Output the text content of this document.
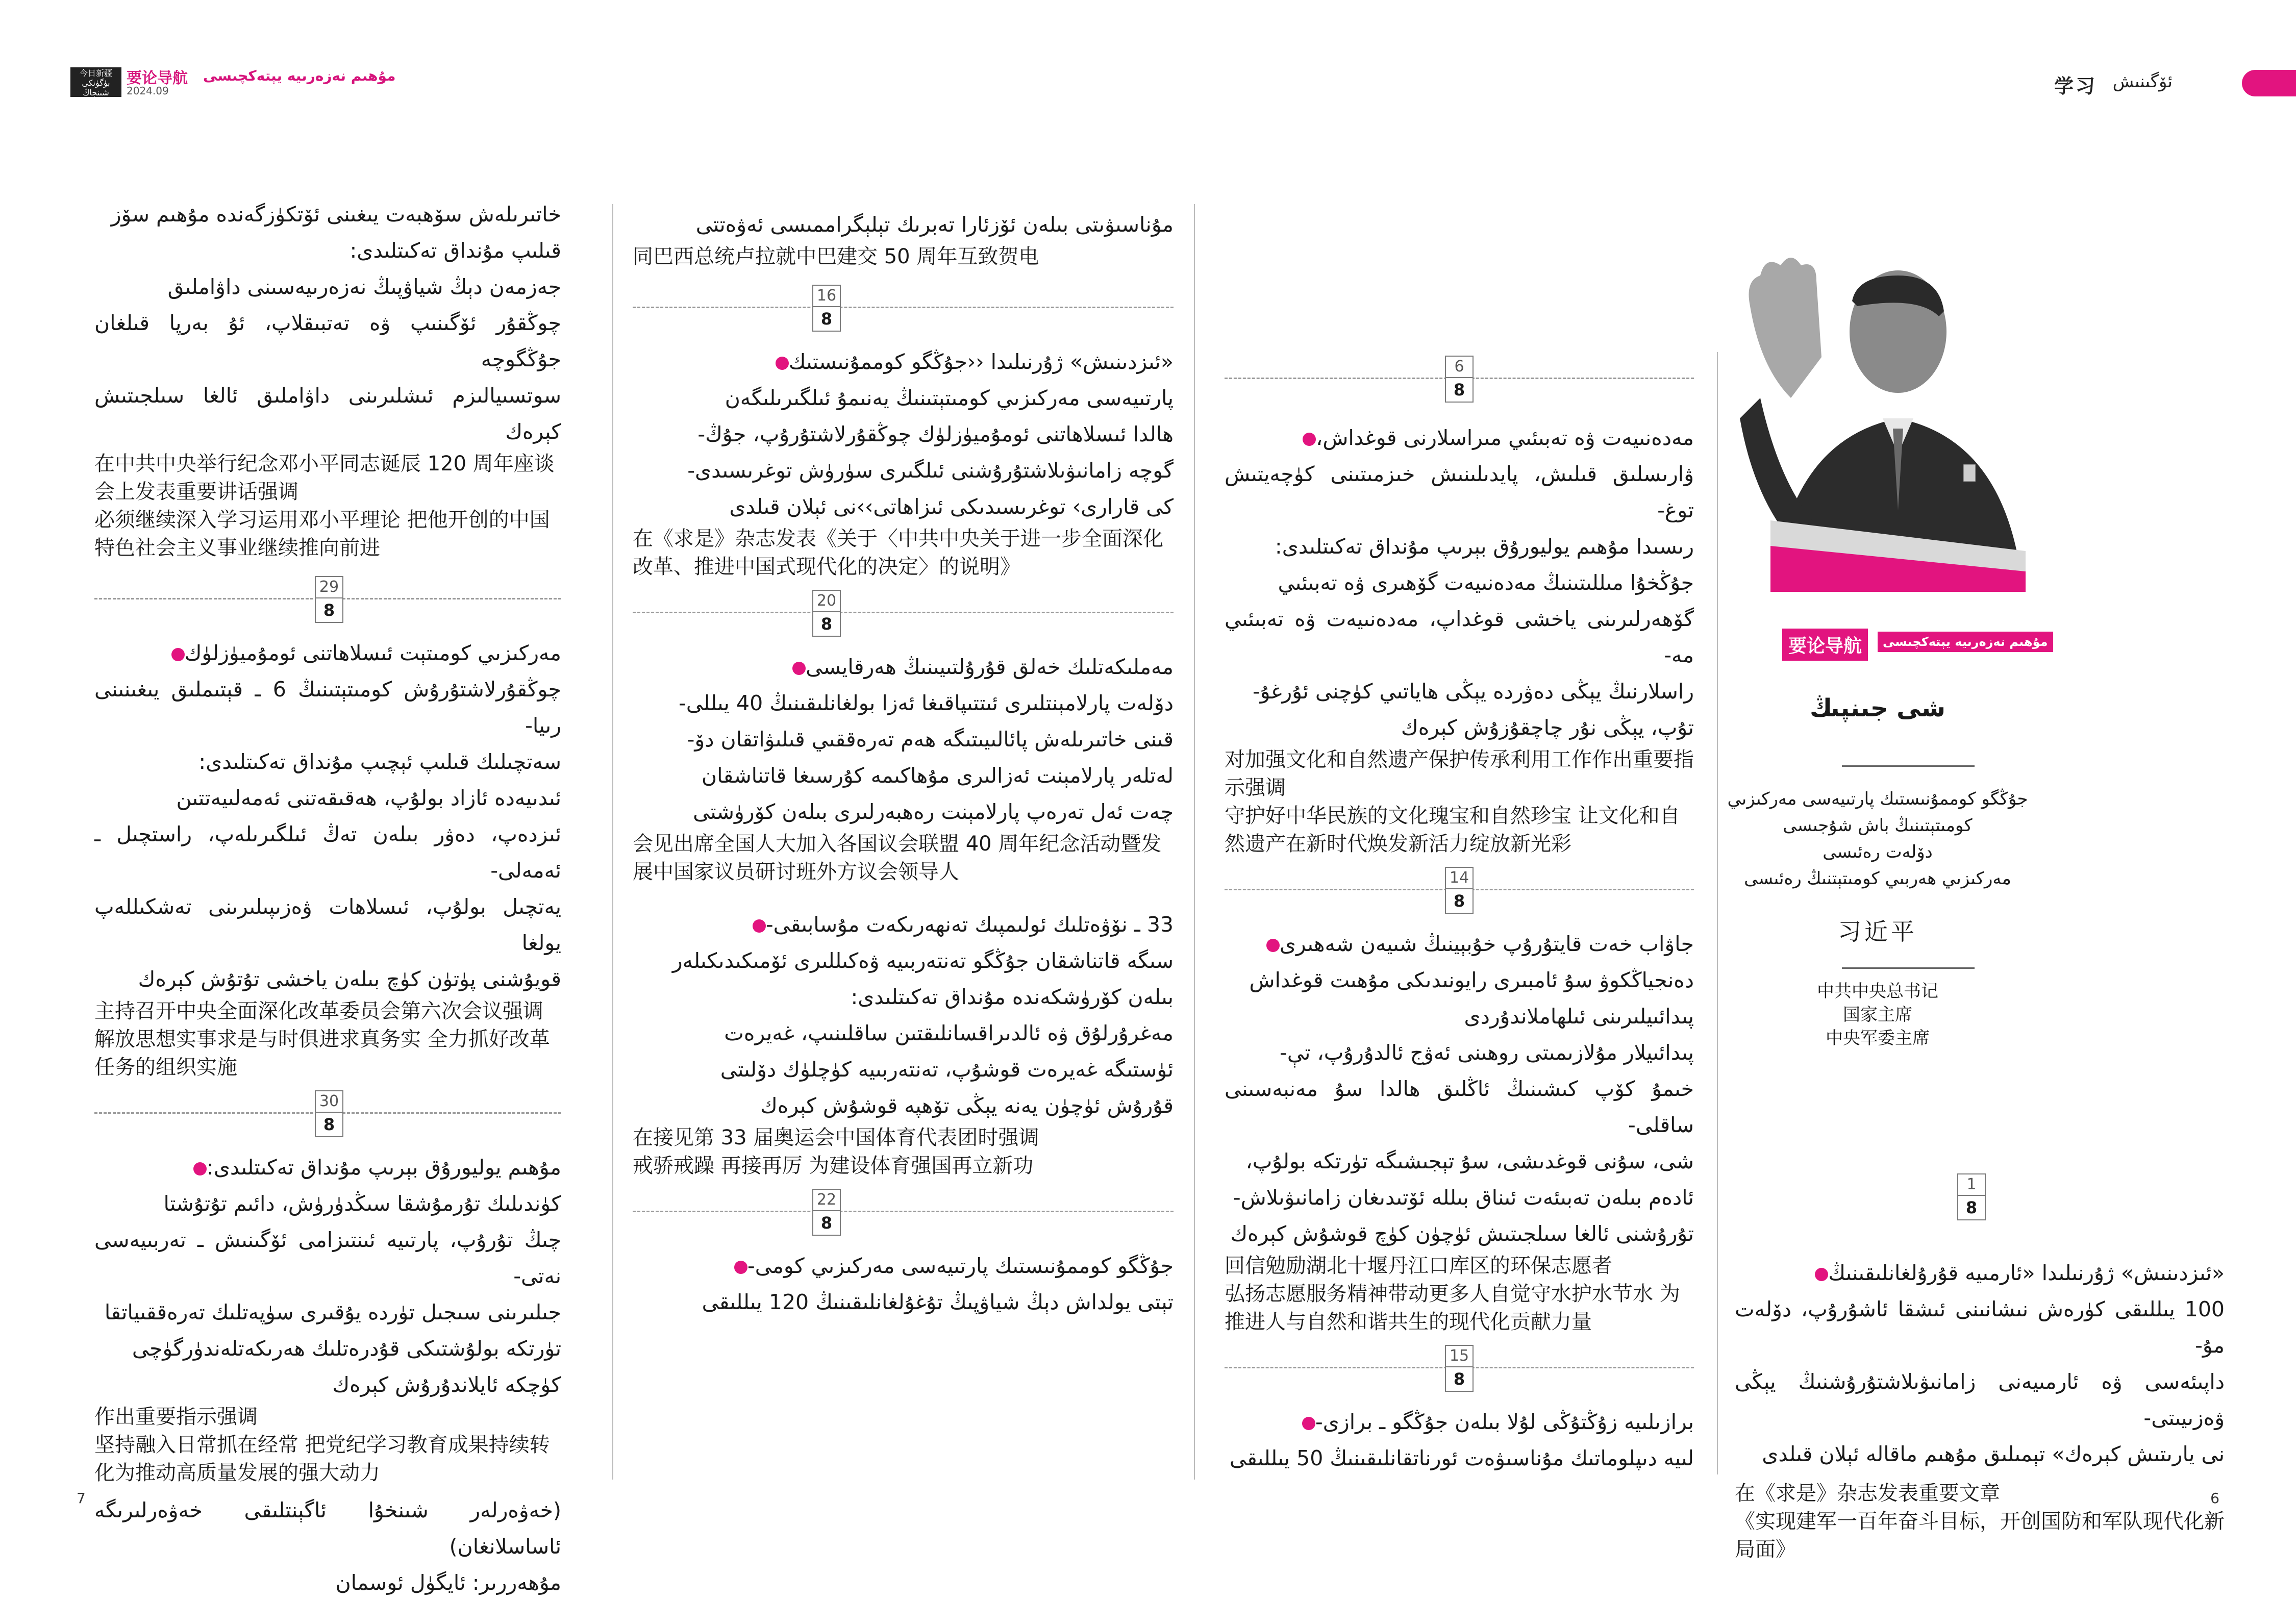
今日新疆 بۈگۈنكى شىنجاڭ
要论导航 مۇھىم نەزەرىيە يېتەكچىسى
2024.09	ئۆگىنىش
学习
要论导航	مۇھىم نەزەرىيە يېتەكچىسى
شى جىنپىڭ
جۇڭگو كوممۇنىستىك پارتىيەسى مەركىزىي كومىتېتىنىڭ باش شۇجىسى
دۆلەت رەئىسى
مەركىزىي ھەربىي كومىتېتنىڭ رەئىسى
习近平
中共中央总书记
国家主席
中央军委主席
1
8
«ئىزدىنىش» ژۇرنىلىدا «ئارمىيە قۇرۇلغانلىقىنىڭ
100 يىللىقى كۈرەش نىشانىنى ئىشقا ئاشۇرۇپ، دۆلەت مۇ-
داپىئەسى ۋە ئارمىيەنى زامانىۋىلاشتۇرۇشنىڭ يېڭى ۋەزىيىتى-
نى يارىتىش كېرەك» تېمىلىق مۇھىم ماقالە ئېلان قىلدى
在《求是》杂志发表重要文章
《实现建军一百年奋斗目标，开创国防和军队现代化新局面》
6
8
مەدەنىيەت ۋە تەبىئىي مىراسلارنى قوغداش،
ۋارىسلىق قىلىش، پايدىلىنىش خىزمىتىنى كۈچەيتىش توغ-
رىسىدا مۇھىم يوليورۇق بېرىپ مۇنداق تەكىتلىدى:
جۇڭخۇا مىللىتىنىڭ مەدەنىيەت گۆھىرى ۋە تەبىئىي
گۆھەرلىرىنى ياخشى قوغداپ، مەدەنىيەت ۋە تەبىئىي مە-
راسلارنىڭ يېڭى دەۋردە يېڭى ھاياتىي كۈچنى ئۇرغۇ-
تۇپ، يېڭى نۇر چاچقۇزۇش كېرەك
对加强文化和自然遗产保护传承利用工作作出重要指示强调
守护好中华民族的文化瑰宝和自然珍宝 让文化和自然遗产在新时代焕发新活力绽放新光彩
14
8
جاۋاب خەت قايتۇرۇپ خۇبېينىڭ شىيەن شەھىرى
دەنجياڭكوۋ سۇ ئامبىرى رايونىدىكى مۇھىت قوغداش
پىدائىيلىرىنى ئىلھاملاندۇردى
پىدائىيلار مۇلازىمىتى روھىنى ئەۋج ئالدۇرۇپ، تې-
خىمۇ كۆپ كىشىنىڭ ئاڭلىق ھالدا سۇ مەنبەسىنى ساقلى-
شى، سۇنى قوغدىشى، سۇ تېجىشىگە تۈرتكە بولۇپ،
ئادەم بىلەن تەبىئەت ئىناق بىللە ئۆتىدىغان زامانىۋىلاش-
تۇرۇشنى ئالغا سىلجىتىش ئۈچۈن كۈچ قوشۇش كېرەك
回信勉励湖北十堰丹江口库区的环保志愿者
弘扬志愿服务精神带动更多人自觉守水护水节水 为推进人与自然和谐共生的现代化贡献力量
15
8
برازىلىيە زۇڭتۇڭى لۇلا بىلەن جۇڭگو ـ برازى-
لىيە دىپلوماتىك مۇناسىۋەت ئورناتقانلىقىنىڭ 50 يىللىقى
مۇناسىۋىتى بىلەن ئۆزئارا تەبرىك تېلېگراممىسى ئەۋەتتى
同巴西总统卢拉就中巴建交 50 周年互致贺电
16
8
«ئىزدىنىش» ژۇرنىلىدا ‹‹جۇڭگو كوممۇنىستىك
پارتىيەسى مەركىزىي كومىتېتىنىڭ يەنىمۇ ئىلگىرىلىگەن
ھالدا ئىسلاھاتنى ئومۇميۈزلۈك چوڭقۇرلاشتۇرۇپ، جۇڭ-
گوچە زامانىۋىلاشتۇرۇشنى ئىلگىرى سۈرۈش توغرىسىدى-
كى قارارى› توغرىسىدىكى ئىزاھاتى››نى ئېلان قىلدى
在《求是》杂志发表《关于〈中共中央关于进一步全面深化改革、推进中国式现代化的决定〉的说明》
20
8
مەملىكەتلىك خەلق قۇرۇلتىيىنىڭ ھەرقايسى
دۆلەت پارلامېنتلىرى ئىتتىپاقىغا ئەزا بولغانلىقىنىڭ 40 يىللى-
قىنى خاتىرىلەش پائالىيىتىگە ھەم تەرەققىي قىلىۋاتقان دۆ-
لەتلەر پارلامېنت ئەزالىرى مۇھاكىمە كۇرسىغا قاتناشقان
چەت ئەل تەرەپ پارلامېنت رەھبەرلىرى بىلەن كۆرۈشتى
会见出席全国人大加入各国议会联盟 40 周年纪念活动暨发展中国家议员研讨班外方议会领导人
33 ـ نۆۋەتلىك ئولىمپىك تەنھەرىكەت مۇسابىقى-
سىگە قاتناشقان جۇڭگو تەنتەربىيە ۋەكىللىرى ئۆمىكىدىكىلەر
بىلەن كۆرۈشكەندە مۇنداق تەكىتلىدى:
مەغرۇرلۇق ۋە ئالدىراقسانلىقتىن ساقلىنىپ، غەيرەت
ئۈستىگە غەيرەت قوشۇپ، تەنتەربىيە كۈچلۈك دۆلىتى
قۇرۇش ئۈچۈن يەنە يېڭى تۆھپە قوشۇش كېرەك
在接见第 33 届奥运会中国体育代表团时强调
戒骄戒躁 再接再厉 为建设体育强国再立新功
22
8
جۇڭگو كوممۇنىستىك پارتىيەسى مەركىزىي كومى-
تېتى يولداش دېڭ شياۋپىڭ تۇغۇلغانلىقىنىڭ 120 يىللىقى
خاتىرىلەش سۆھبەت يىغىنى ئۆتكۈزگەندە مۇھىم سۆز
قىلىپ مۇنداق تەكىتلىدى:
جەزمەن دېڭ شياۋپىڭ نەزەرىيەسىنى داۋاملىق
چوڭقۇر ئۆگىنىپ ۋە تەتبىقلاپ، ئۇ بەرپا قىلغان جۇڭگوچە
سوتسىيالىزم ئىشلىرىنى داۋاملىق ئالغا سىلجىتىش كېرەك
在中共中央举行纪念邓小平同志诞辰 120 周年座谈会上发表重要讲话强调
必须继续深入学习运用邓小平理论 把他开创的中国特色社会主义事业继续推向前进
29
8
مەركىزىي كومىتېت ئىسلاھاتنى ئومۇميۈزلۈك
چوڭقۇرلاشتۇرۇش كومىتېتىنىڭ 6 ـ قېتىملىق يىغىنىنى رىيا-
سەتچىلىك قىلىپ ئېچىپ مۇنداق تەكىتلىدى:
ئىدىيەدە ئازاد بولۇپ، ھەقىقەتنى ئەمەلىيەتتىن
ئىزدەپ، دەۋر بىلەن تەڭ ئىلگىرىلەپ، راستچىل ـ ئەمەلى-
يەتچىل بولۇپ، ئىسلاھات ۋەزىپىلىرىنى تەشكىللەپ يولغا
قويۇشنى پۈتۈن كۈچ بىلەن ياخشى تۇتۇش كېرەك
主持召开中央全面深化改革委员会第六次会议强调
解放思想实事求是与时俱进求真务实 全力抓好改革任务的组织实施
30
8
مۇھىم يوليورۇق بېرىپ مۇنداق تەكىتلىدى:
كۈندىلىك تۇرمۇشقا سىڭدۈرۈش، دائىم تۇتۇشتا
چىڭ تۇرۇپ، پارتىيە ئىنتىزامى ئۆگىنىش ـ تەربىيەسى نەتى-
جىلىرىنى سىجىل تۈردە يۇقىرى سۈپەتلىك تەرەققىياتقا
تۈرتكە بولۇشتىكى قۇدرەتلىك ھەرىكەتلەندۈرگۈچى
كۈچكە ئايلاندۇرۇش كېرەك
作出重要指示强调
坚持融入日常抓在经常 把党纪学习教育成果持续转化为推动高质量发展的强大动力
(خەۋەرلەر شىنخۇا ئاگېنتلىقى خەۋەرلىرىگە ئاساسلانغان)
مۇھەررىر: ئايگۈل ئوسمان
7	6
